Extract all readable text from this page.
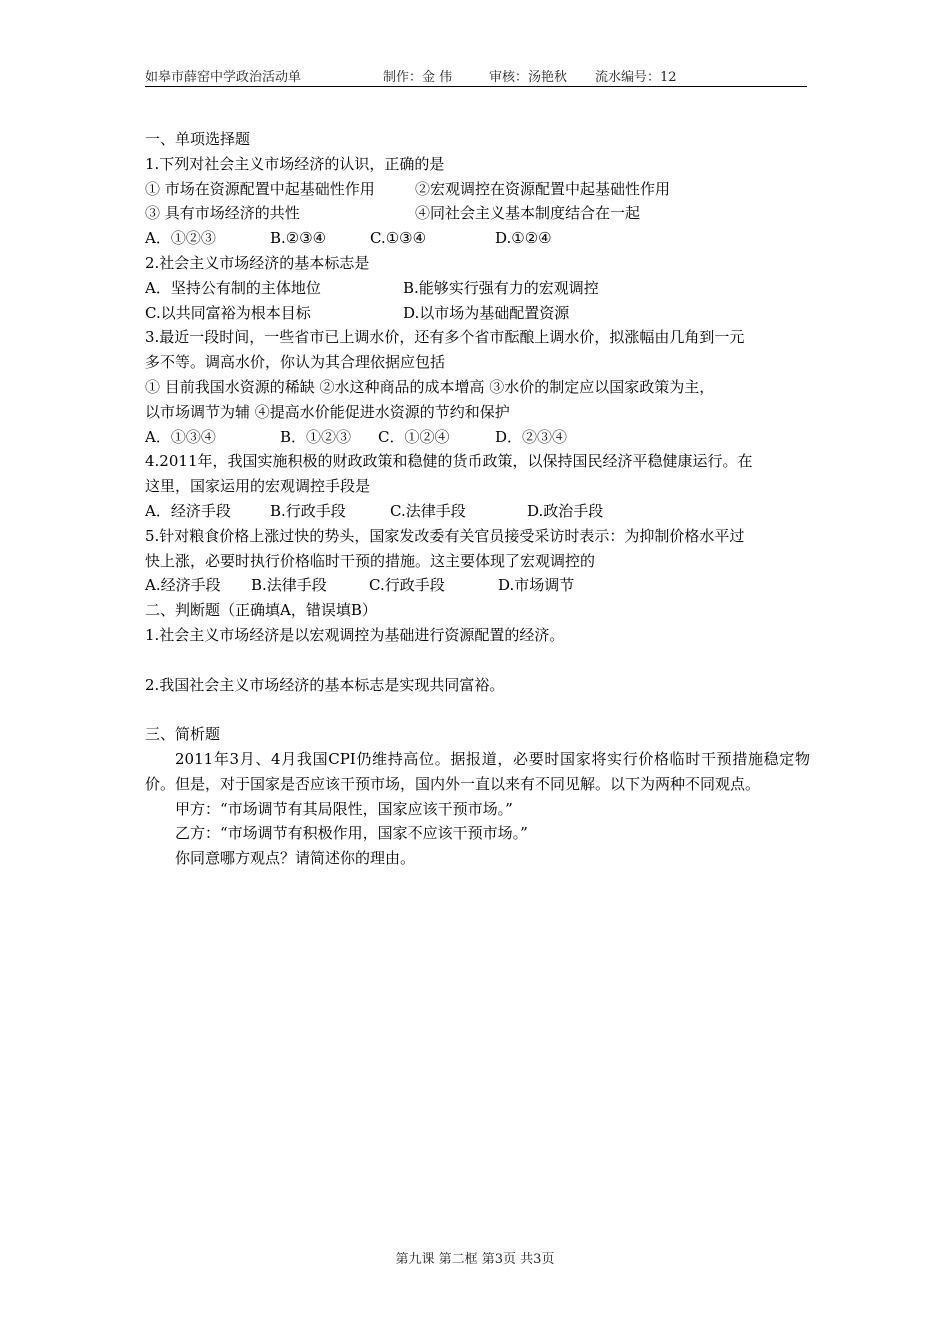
如皋市薛窑中学政治活动单	制作：金 伟	审核：汤艳秋 流水编号：12
一、单项选择题
1.下列对社会主义市场经济的认识，正确的是
① 市场在资源配置中起基础性作用	②宏观调控在资源配置中起基础性作用
③ 具有市场经济的共性	④同社会主义基本制度结合在一起
A．①②③	B.②③④	C.①③④	D.①②④
2.社会主义市场经济的基本标志是
A．坚持公有制的主体地位	B.能够实行强有力的宏观调控
C.以共同富裕为根本目标	D.以市场为基础配置资源
3.最近一段时间，一些省市已上调水价，还有多个省市酝酿上调水价，拟涨幅由几角到一元
多不等。调高水价，你认为其合理依据应包括
① 目前我国水资源的稀缺 ②水这种商品的成本增高 ③水价的制定应以国家政策为主，
以市场调节为辅 ④提高水价能促进水资源的节约和保护
A．①③④	B．①②③ C．①②④	D．②③④
4.2011年，我国实施积极的财政政策和稳健的货币政策，以保持国民经济平稳健康运行。在
这里，国家运用的宏观调控手段是
A．经济手段	B.行政手段	C.法律手段	D.政治手段
5.针对粮食价格上涨过快的势头，国家发改委有关官员接受采访时表示：为抑制价格水平过
快上涨，必要时执行价格临时干预的措施。这主要体现了宏观调控的
A.经济手段 B.法律手段	C.行政手段	D.市场调节
二、判断题（正确填A，错误填B）
1.社会主义市场经济是以宏观调控为基础进行资源配置的经济。
2.我国社会主义市场经济的基本标志是实现共同富裕。
三、简析题
2011年3月、4月我国CPI仍维持高位。据报道，必要时国家将实行价格临时干预措施稳定物价。但是，对于国家是否应该干预市场，国内外一直以来有不同见解。以下为两种不同观点。
甲方：“市场调节有其局限性，国家应该干预市场。”
乙方：“市场调节有积极作用，国家不应该干预市场。”
你同意哪方观点？请简述你的理由。
第九课 第二框 第3页 共3页
